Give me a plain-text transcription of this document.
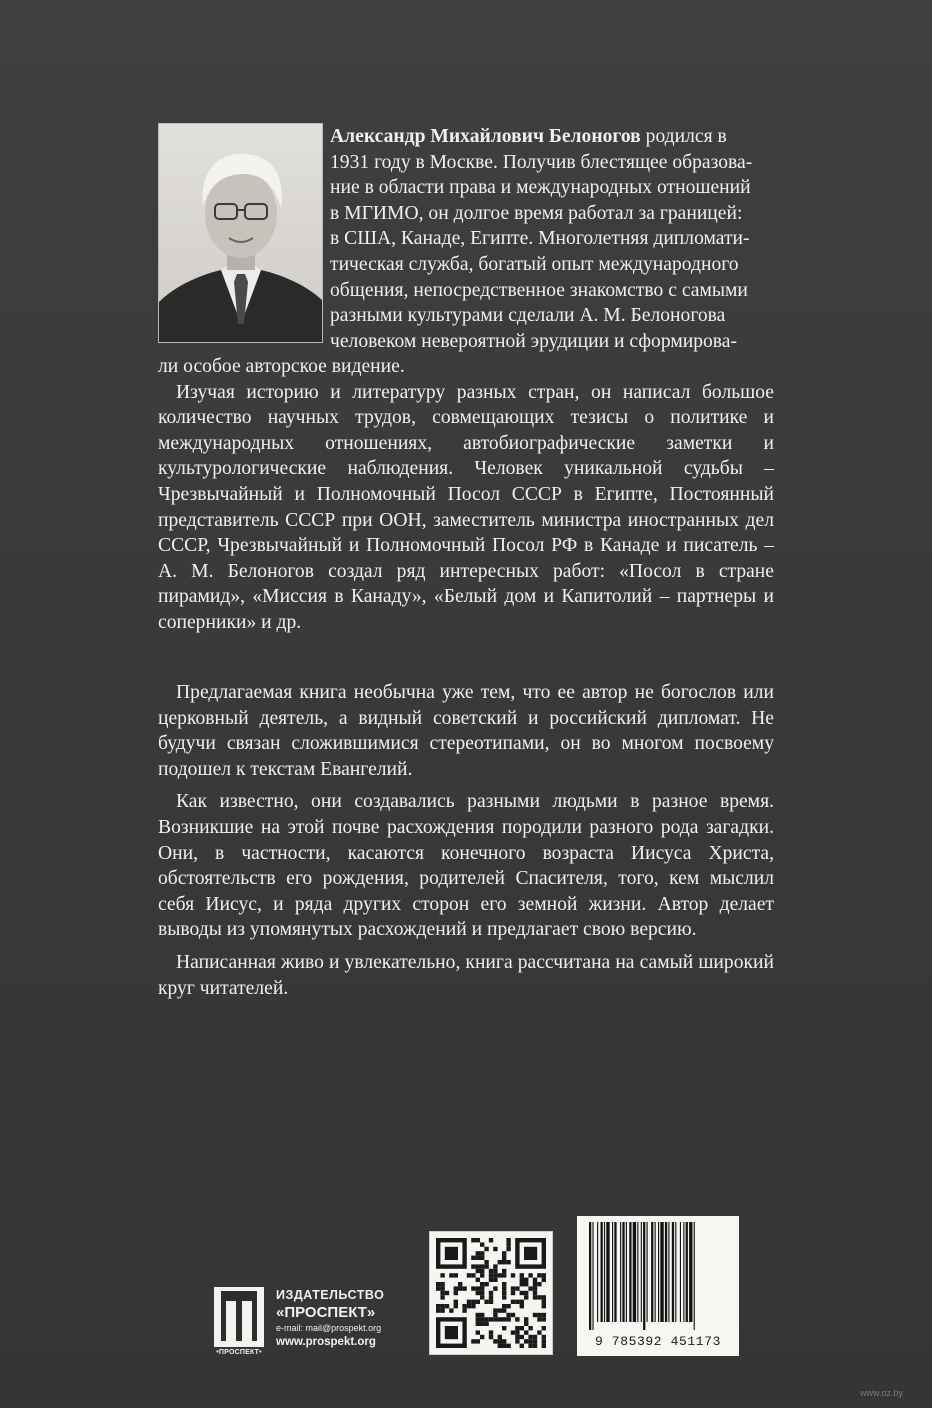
Александр Михайлович Белоногов родился в
1931 году в Москве. Получив блестящее образова-
ние в области права и международных отношений
в МГИМО, он долгое время работал за границей:
в США, Канаде, Египте. Многолетняя дипломати-
тическая служба, богатый опыт международного
общения, непосредственное знакомство с самыми
разными культурами сделали А. М. Белоногова
человеком невероятной эрудиции и сформирова-

ли особое авторское видение.

Изучая историю и литературу разных стран, он написал большое количество научных трудов, совмещающих тезисы о политике и международных отношениях, автобиографические заметки и культурологические наблюдения. Человек уникальной судьбы – Чрезвычайный и Полномочный Посол СССР в Египте, Постоянный представитель СССР при ООН, заместитель министра иностранных дел СССР, Чрезвычайный и Полномочный Посол РФ в Канаде и писатель – А. М. Белоногов создал ряд интересных работ: «Посол в стране пирамид», «Миссия в Канаду», «Белый дом и Капитолий – партнеры и соперники» и др.

Предлагаемая книга необычна уже тем, что ее автор не богослов или церковный деятель, а видный советский и российский дипломат. Не будучи связан сложившимися стереотипами, он во многом посвоему подошел к текстам Евангелий.

Как известно, они создавались разными людьми в разное время. Возникшие на этой почве расхождения породили разного рода загадки. Они, в частности, касаются конечного возраста Иисуса Христа, обстоятельств его рождения, родителей Спасителя, того, кем мыслил себя Иисус, и ряда других сторон его земной жизни. Автор делает выводы из упомянутых расхождений и предлагает свою версию.

Написанная живо и увлекательно, книга рассчитана на самый широкий круг читателей.

•ПРОСПЕКТ•
ИЗДАТЕЛЬСТВО
«ПРОСПЕКТ»
e-mail: mail@prospekt.org
www.prospekt.org	9 785392 451173
www.oz.by
